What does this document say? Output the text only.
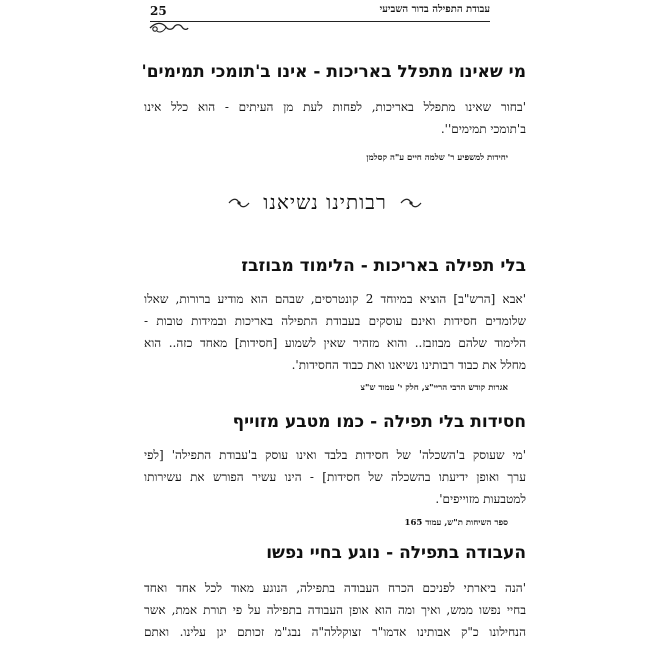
25	עבודת התפילה בדור השביעי
מי שאינו מתפלל באריכות - אינו ב'תומכי תמימים'
'בחור שאינו מתפלל באריכות, לפחות לעת מן העיתים - הוא כלל אינו
ב'תומכי תמימים''.
יחידות למשפיע ר' שלמה חיים ע"ה קסלמן
רבותינו נשיאנו
בלי תפילה באריכות - הלימוד מבוזבז
'אבא [הרש"ב] הוציא במיוחד 2 קונטרסים, שבהם הוא מודיע ברורות, שאלו
שלומדים חסידות ואינם עוסקים בעבודת התפילה באריכות ובמידות טובות -
הלימוד שלהם מבוזבז.. והוא מזהיר שאין לשמוע [חסידות] מאחד כזה.. הוא
מחלל את כבוד רבותינו נשיאנו ואת כבוד החסידות'.
אגרות קודש הרבי הריי"צ, חלק י' עמוד ש"צ
חסידות בלי תפילה - כמו מטבע מזוייף
'מי שעוסק ב'השכלה' של חסידות בלבד ואינו עוסק ב'עבודת התפילה' [לפי
ערך ואופן ידיעתו בהשכלה של חסידות] - הינו עשיר הפורש את עשירותו
למטבעות מזוייפים'.
ספר השיחות ת"ש, עמוד 165
העבודה בתפילה - נוגע בחיי נפשו
'הנה ביארתי לפניכם הכרח העבודה בתפילה, הנוגע מאוד לכל אחד ואחד
בחיי נפשו ממש, ואיך ומה הוא אופן העבודה בתפילה על פי תורת אמת, אשר
הנחילונו כ"ק אבותינו אדמו"ר זצוקללה"ה נבג"מ זכותם יגן עלינו. ואתם
